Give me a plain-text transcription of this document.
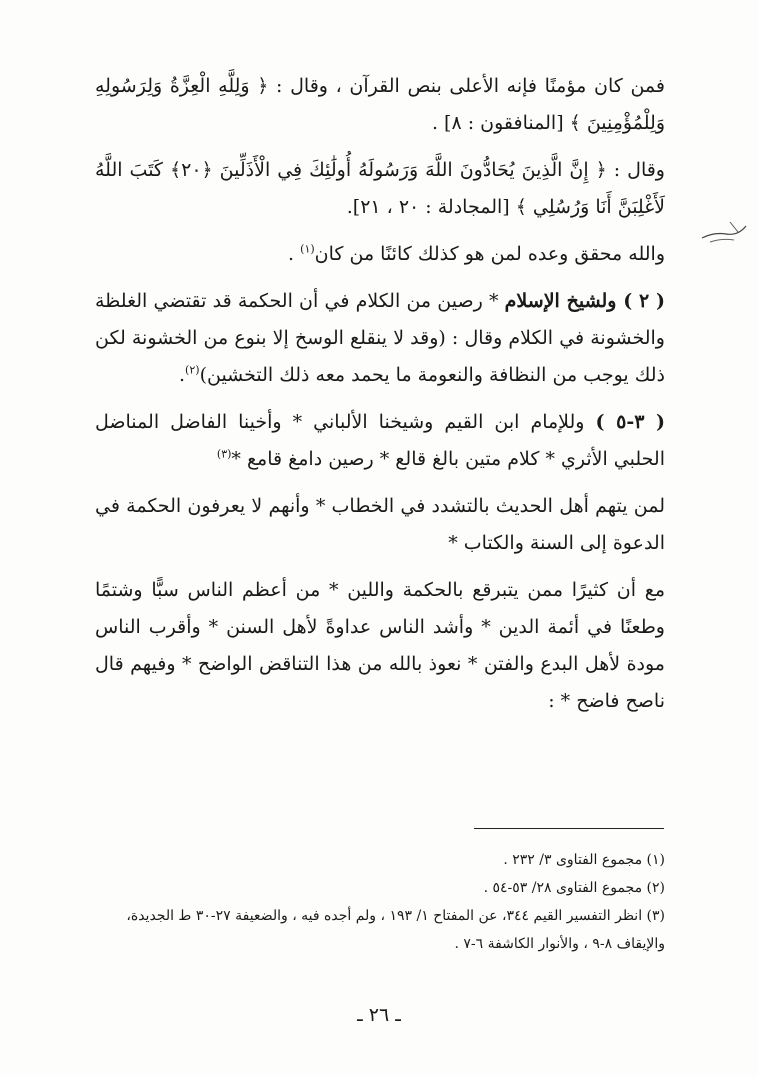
فمن كان مؤمنًا فإنه الأعلى بنص القرآن ، وقال : ﴿ وَلِلَّهِ الْعِزَّةُ وَلِرَسُولِهِ وَلِلْمُؤْمِنِينَ ﴾ [المنافقون : ٨] .

وقال : ﴿ إِنَّ الَّذِينَ يُحَادُّونَ اللَّهَ وَرَسُولَهُ أُولَٰئِكَ فِي الْأَذَلِّينَ ﴿٢٠﴾ كَتَبَ اللَّهُ لَأَغْلِبَنَّ أَنَا وَرُسُلِي ﴾ [المجادلة : ٢٠ ، ٢١].

والله محقق وعده لمن هو كذلك كائنًا من كان$^{(١)}$ .

( ٢ ) ولشيخ الإسلام * رصين من الكلام في أن الحكمة قد تقتضي الغلظة والخشونة في الكلام وقال : (وقد لا ينقلع الوسخ إلا بنوع من الخشونة لكن ذلك يوجب من النظافة والنعومة ما يحمد معه ذلك التخشين)$^{(٢)}$.

( ٣-٥ ) وللإمام ابن القيم وشيخنا الألباني * وأخينا الفاضل المناضل الحلبي الأثري * كلام متين بالغ قالع * رصين دامغ قامع *$^{(٣)}$

لمن يتهم أهل الحديث بالتشدد في الخطاب * وأنهم لا يعرفون الحكمة في الدعوة إلى السنة والكتاب *

مع أن كثيرًا ممن يتبرقع بالحكمة واللين * من أعظم الناس سبًّا وشتمًا وطعنًا في أئمة الدين * وأشد الناس عداوةً لأهل السنن * وأقرب الناس مودة لأهل البدع والفتن * نعوذ بالله من هذا التناقض الواضح * وفيهم قال ناصح فاضح * :

(١) مجموع الفتاوى ٣/ ٢٣٢ .

(٢) مجموع الفتاوى ٢٨/ ٥٣-٥٤ .

(٣) انظر التفسير القيم ٣٤٤، عن المفتاح ١/ ١٩٣ ، ولم أجده فيه ، والضعيفة ٢٧-٣٠ ط الجديدة، والإيقاف ٨-٩ ، والأنوار الكاشفة ٦-٧ .

ـ ٢٦ ـ
